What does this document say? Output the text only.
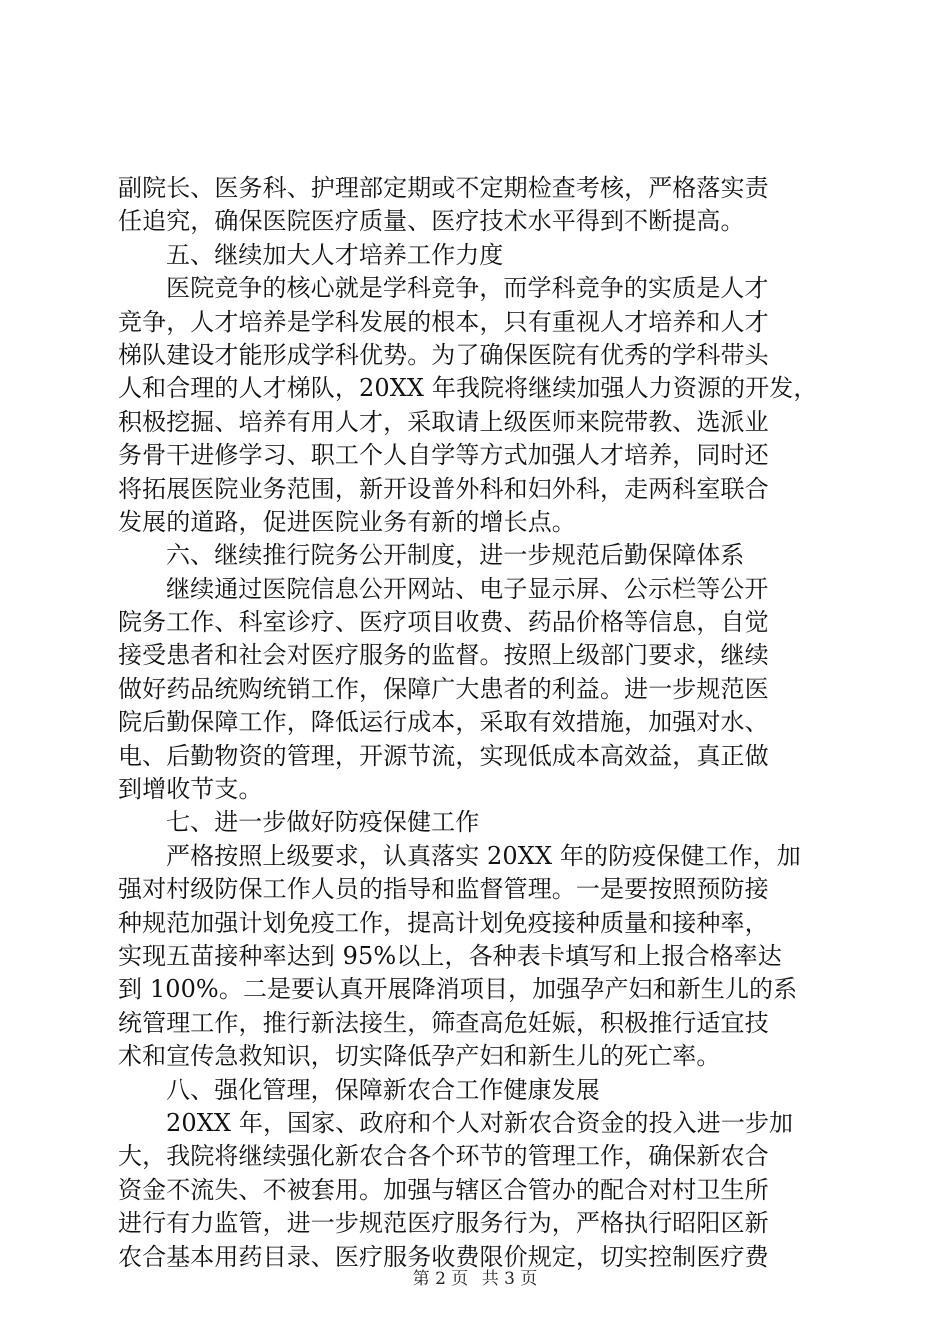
副院长、医务科、护理部定期或不定期检查考核，严格落实责
任追究，确保医院医疗质量、医疗技术水平得到不断提高。
五、继续加大人才培养工作力度
医院竞争的核心就是学科竞争，而学科竞争的实质是人才
竞争，人才培养是学科发展的根本，只有重视人才培养和人才
梯队建设才能形成学科优势。为了确保医院有优秀的学科带头
人和合理的人才梯队，20XX 年我院将继续加强人力资源的开发，
积极挖掘、培养有用人才，采取请上级医师来院带教、选派业
务骨干进修学习、职工个人自学等方式加强人才培养，同时还
将拓展医院业务范围，新开设普外科和妇外科，走两科室联合
发展的道路，促进医院业务有新的增长点。
六、继续推行院务公开制度，进一步规范后勤保障体系
继续通过医院信息公开网站、电子显示屏、公示栏等公开
院务工作、科室诊疗、医疗项目收费、药品价格等信息，自觉
接受患者和社会对医疗服务的监督。按照上级部门要求，继续
做好药品统购统销工作，保障广大患者的利益。进一步规范医
院后勤保障工作，降低运行成本，采取有效措施，加强对水、
电、后勤物资的管理，开源节流，实现低成本高效益，真正做
到增收节支。
七、进一步做好防疫保健工作
严格按照上级要求，认真落实 20XX 年的防疫保健工作，加
强对村级防保工作人员的指导和监督管理。一是要按照预防接
种规范加强计划免疫工作，提高计划免疫接种质量和接种率，
实现五苗接种率达到 95%以上，各种表卡填写和上报合格率达
到 100%。二是要认真开展降消项目，加强孕产妇和新生儿的系
统管理工作，推行新法接生，筛查高危妊娠，积极推行适宜技
术和宣传急救知识，切实降低孕产妇和新生儿的死亡率。
八、强化管理，保障新农合工作健康发展
20XX 年，国家、政府和个人对新农合资金的投入进一步加
大，我院将继续强化新农合各个环节的管理工作，确保新农合
资金不流失、不被套用。加强与辖区合管办的配合对村卫生所
进行有力监管，进一步规范医疗服务行为，严格执行昭阳区新
农合基本用药目录、医疗服务收费限价规定，切实控制医疗费
第 2 页 共 3 页
